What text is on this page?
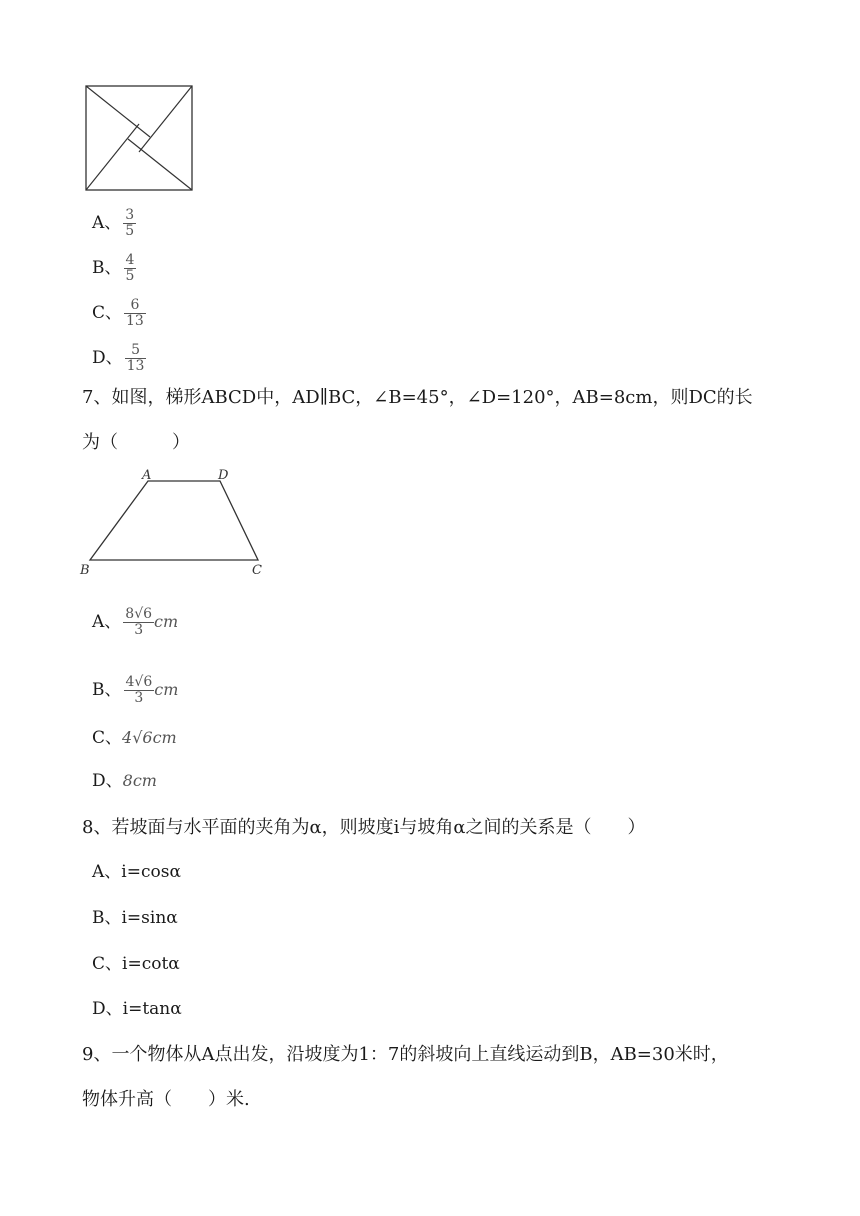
A、 $\frac{3}{5}$
B、 $\frac{4}{5}$
C、 $\frac{6}{13}$
D、 $\frac{5}{13}$
7、如图，梯形ABCD中，AD∥BC，∠B=45°，∠D=120°，AB=8cm，则DC的长
为（　　　）
A	D
B	C
A、 $\frac{8√6}{3}$ cm
B、 $\frac{4√6}{3}$ cm
C、4√6cm
D、8cm
8、若坡面与水平面的夹角为α，则坡度i与坡角α之间的关系是（　　）
A、i=cosα
B、i=sinα
C、i=cotα
D、i=tanα
9、一个物体从A点出发，沿坡度为1：7的斜坡向上直线运动到B，AB=30米时，
物体升高（　　）米.
